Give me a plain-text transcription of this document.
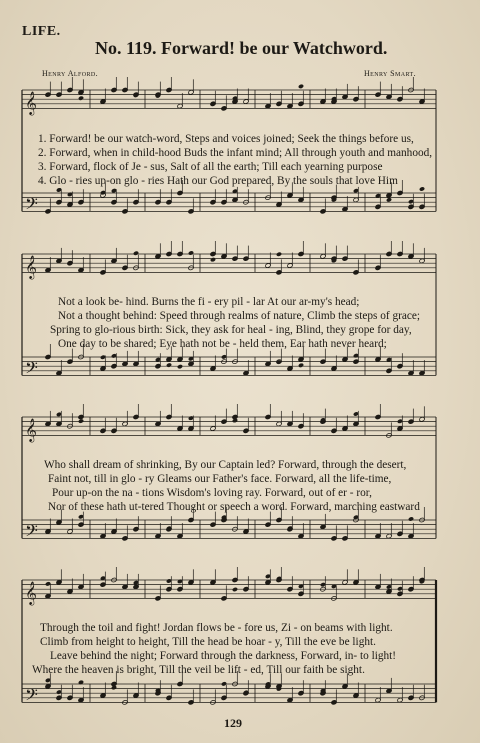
𝄞
𝄢
𝄞
𝄢
𝄞
𝄢
𝄞
𝄢
LIFE.
No. 119. Forward! be our Watchword.
Henry Alford.	Henry Smart.
1. Forward! be our watch-word, Steps and voices joined; Seek the things before us,
2. Forward, when in child-hood Buds the infant mind; All through youth and manhood,
3. Forward, flock of Je - sus, Salt of all the earth; Till each yearning purpose
4. Glo - ries up-on glo - ries Hath our God prepared, By the souls that love Him
Not a look be- hind. Burns the fi - ery pil - lar At our ar-my's head;
Not a thought behind: Speed through realms of nature, Climb the steps of grace;
Spring to glo-rious birth: Sick, they ask for heal - ing, Blind, they grope for day,
One day to be shared; Eye hath not be - held them, Ear hath never heard;
Who shall dream of shrinking, By our Captain led? Forward, through the desert,
Faint not, till in glo - ry Gleams our Father's face. Forward, all the life-time,
Pour up-on the na - tions Wisdom's loving ray. Forward, out of er - ror,
Nor of these hath ut-tered Thought or speech a word. Forward, marching eastward
Through the toil and fight! Jordan flows be - fore us, Zi - on beams with light.
Climb from height to height, Till the head be hoar - y, Till the eve be light.
Leave behind the night; Forward through the darkness, Forward, in- to light!
Where the heaven is bright, Till the veil be lift - ed, Till our faith be sight.
129
